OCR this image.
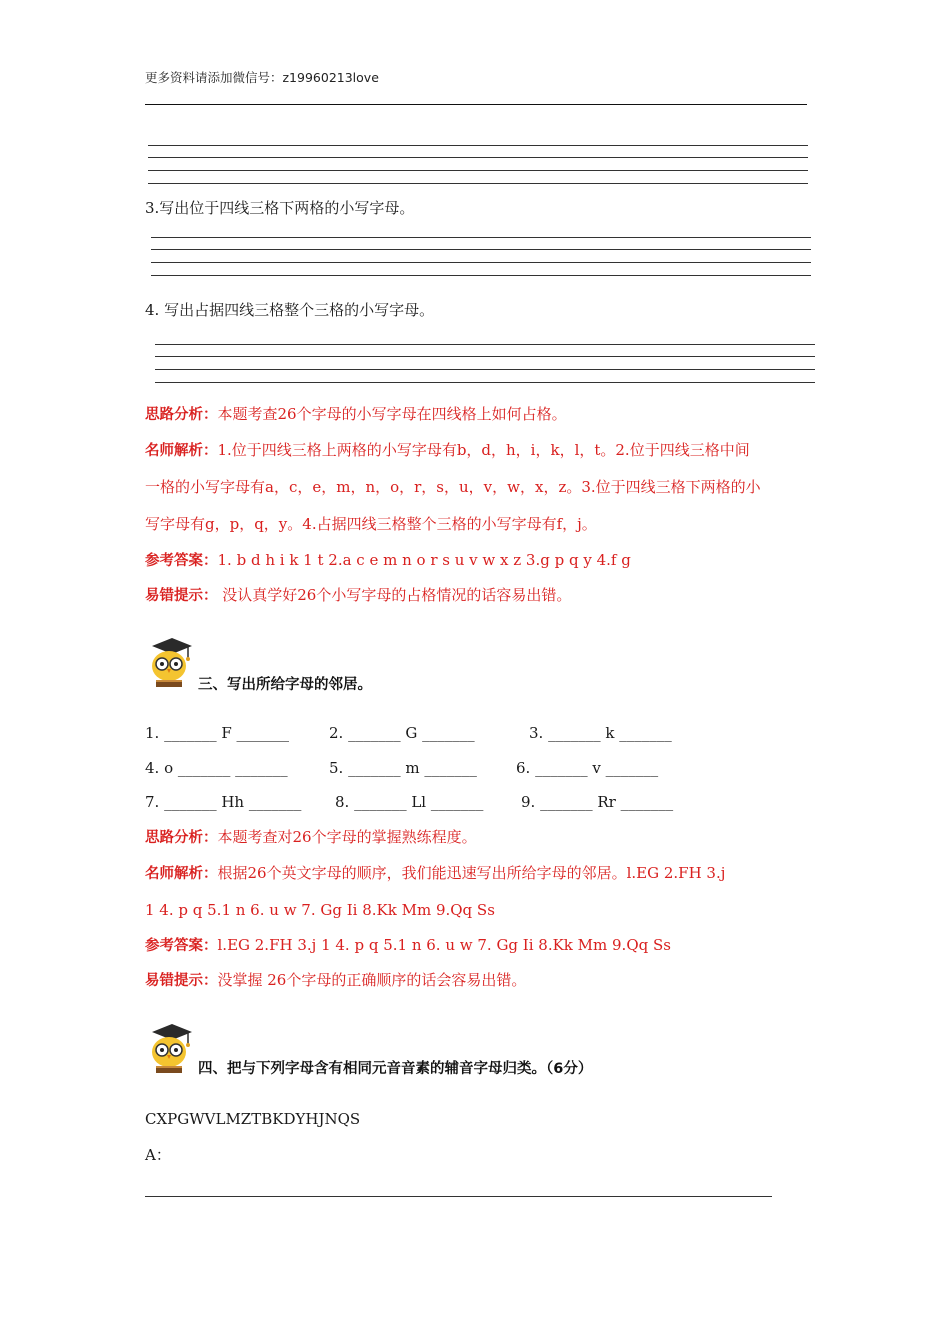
更多资料请添加微信号：z19960213love
3.写出位于四线三格下两格的小写字母。
4. 写出占据四线三格整个三格的小写字母。
思路分析：本题考查26个字母的小写字母在四线格上如何占格。
名师解析：1.位于四线三格上两格的小写字母有b，d，h，i，k，l，t。2.位于四线三格中间
一格的小写字母有a，c，e，m，n，o，r，s，u，v，w，x，z。3.位于四线三格下两格的小
写字母有g，p，q，y。4.占据四线三格整个三格的小写字母有f，j。
参考答案：1. b d h i k 1 t 2.a c e m n o r s u v w x z 3.g p q y 4.f g
易错提示： 没认真学好26个小写字母的占格情况的话容易出错。
三、写出所给字母的邻居。
1. _______ F _______	2. _______ G _______	3. _______ k _______
4. o _______ _______	5. _______ m _______	6. _______ v _______
7. _______ Hh _______ 8. _______ Ll _______	9. _______ Rr _______
思路分析：本题考查对26个字母的掌握熟练程度。
名师解析：根据26个英文字母的顺序，我们能迅速写出所给字母的邻居。l.EG 2.FH 3.j
1 4. p q 5.1 n 6. u w 7. Gg Ii 8.Kk Mm 9.Qq Ss
参考答案：l.EG 2.FH 3.j 1 4. p q 5.1 n 6. u w 7. Gg Ii 8.Kk Mm 9.Qq Ss
易错提示：没掌握 26个字母的正确顺序的话会容易出错。
四、把与下列字母含有相同元音音素的辅音字母归类。（6分）
CXPGWVLMZTBKDYHJNQS
A：
